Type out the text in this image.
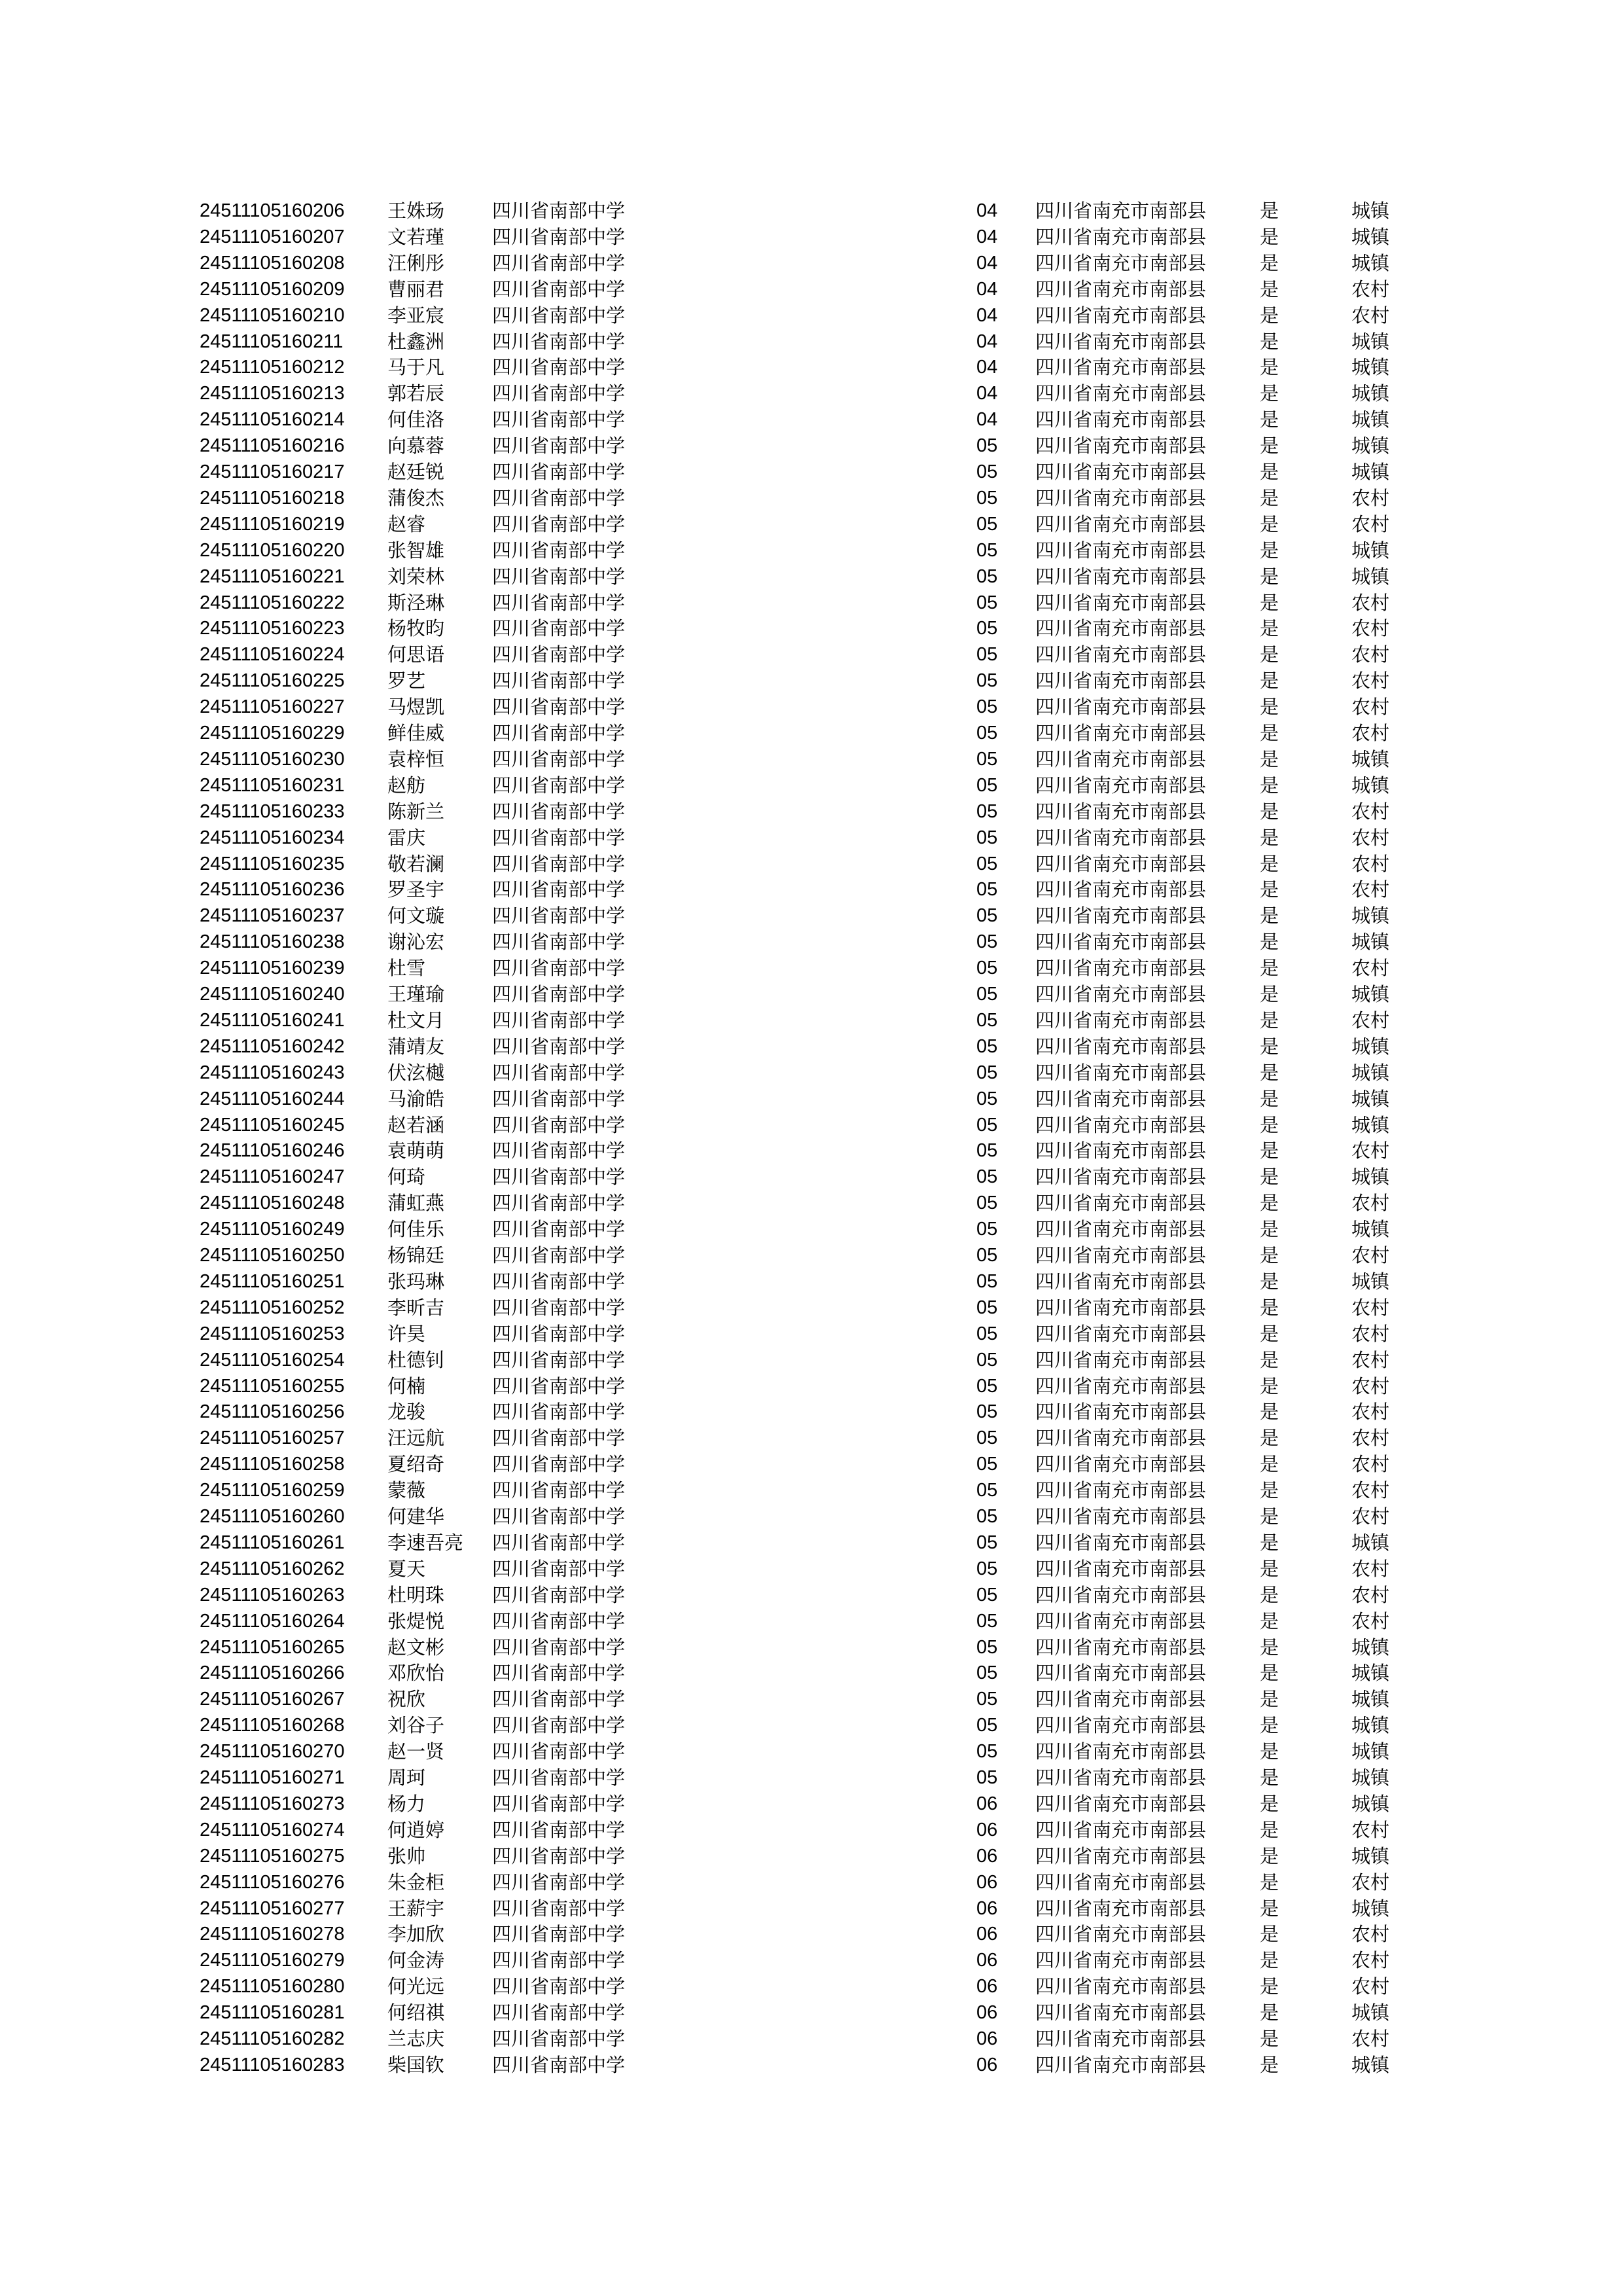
24511105160206 王姝玚	四川省南部中学	04 四川省南充市南部县	是	城镇
24511105160207 文若瑾	四川省南部中学	04 四川省南充市南部县	是	城镇
24511105160208 汪俐彤	四川省南部中学	04 四川省南充市南部县	是	城镇
24511105160209 曹丽君	四川省南部中学	04 四川省南充市南部县	是	农村
24511105160210 李亚宸	四川省南部中学	04 四川省南充市南部县	是	农村
24511105160211 杜鑫洲	四川省南部中学	04 四川省南充市南部县	是	城镇
24511105160212 马于凡	四川省南部中学	04 四川省南充市南部县	是	城镇
24511105160213 郭若辰	四川省南部中学	04 四川省南充市南部县	是	城镇
24511105160214 何佳洛	四川省南部中学	04 四川省南充市南部县	是	城镇
24511105160216 向慕蓉	四川省南部中学	05 四川省南充市南部县	是	城镇
24511105160217 赵廷锐	四川省南部中学	05 四川省南充市南部县	是	城镇
24511105160218 蒲俊杰	四川省南部中学	05 四川省南充市南部县	是	农村
24511105160219 赵睿	四川省南部中学	05 四川省南充市南部县	是	农村
24511105160220 张智雄	四川省南部中学	05 四川省南充市南部县	是	城镇
24511105160221 刘荣林	四川省南部中学	05 四川省南充市南部县	是	城镇
24511105160222 斯泾琳	四川省南部中学	05 四川省南充市南部县	是	农村
24511105160223 杨牧昀	四川省南部中学	05 四川省南充市南部县	是	农村
24511105160224 何思语	四川省南部中学	05 四川省南充市南部县	是	农村
24511105160225 罗艺	四川省南部中学	05 四川省南充市南部县	是	农村
24511105160227 马煜凯	四川省南部中学	05 四川省南充市南部县	是	农村
24511105160229 鲜佳威	四川省南部中学	05 四川省南充市南部县	是	农村
24511105160230 袁梓恒	四川省南部中学	05 四川省南充市南部县	是	城镇
24511105160231 赵舫	四川省南部中学	05 四川省南充市南部县	是	城镇
24511105160233 陈新兰	四川省南部中学	05 四川省南充市南部县	是	农村
24511105160234 雷庆	四川省南部中学	05 四川省南充市南部县	是	农村
24511105160235 敬若澜	四川省南部中学	05 四川省南充市南部县	是	农村
24511105160236 罗圣宇	四川省南部中学	05 四川省南充市南部县	是	农村
24511105160237 何文璇	四川省南部中学	05 四川省南充市南部县	是	城镇
24511105160238 谢沁宏	四川省南部中学	05 四川省南充市南部县	是	城镇
24511105160239 杜雪	四川省南部中学	05 四川省南充市南部县	是	农村
24511105160240 王瑾瑜	四川省南部中学	05 四川省南充市南部县	是	城镇
24511105160241 杜文月	四川省南部中学	05 四川省南充市南部县	是	农村
24511105160242 蒲靖友	四川省南部中学	05 四川省南充市南部县	是	城镇
24511105160243 伏泫樾	四川省南部中学	05 四川省南充市南部县	是	城镇
24511105160244 马渝皓	四川省南部中学	05 四川省南充市南部县	是	城镇
24511105160245 赵若涵	四川省南部中学	05 四川省南充市南部县	是	城镇
24511105160246 袁萌萌	四川省南部中学	05 四川省南充市南部县	是	农村
24511105160247 何琦	四川省南部中学	05 四川省南充市南部县	是	城镇
24511105160248 蒲虹燕	四川省南部中学	05 四川省南充市南部县	是	农村
24511105160249 何佳乐	四川省南部中学	05 四川省南充市南部县	是	城镇
24511105160250 杨锦廷	四川省南部中学	05 四川省南充市南部县	是	农村
24511105160251 张玛琳	四川省南部中学	05 四川省南充市南部县	是	城镇
24511105160252 李昕吉	四川省南部中学	05 四川省南充市南部县	是	农村
24511105160253 许昊	四川省南部中学	05 四川省南充市南部县	是	农村
24511105160254 杜德钊	四川省南部中学	05 四川省南充市南部县	是	农村
24511105160255 何楠	四川省南部中学	05 四川省南充市南部县	是	农村
24511105160256 龙骏	四川省南部中学	05 四川省南充市南部县	是	农村
24511105160257 汪远航	四川省南部中学	05 四川省南充市南部县	是	农村
24511105160258 夏绍奇	四川省南部中学	05 四川省南充市南部县	是	农村
24511105160259 蒙薇	四川省南部中学	05 四川省南充市南部县	是	农村
24511105160260 何建华	四川省南部中学	05 四川省南充市南部县	是	农村
24511105160261 李速吾亮 四川省南部中学	05 四川省南充市南部县	是	城镇
24511105160262 夏天	四川省南部中学	05 四川省南充市南部县	是	农村
24511105160263 杜明珠	四川省南部中学	05 四川省南充市南部县	是	农村
24511105160264 张煶悦	四川省南部中学	05 四川省南充市南部县	是	农村
24511105160265 赵文彬	四川省南部中学	05 四川省南充市南部县	是	城镇
24511105160266 邓欣怡	四川省南部中学	05 四川省南充市南部县	是	城镇
24511105160267 祝欣	四川省南部中学	05 四川省南充市南部县	是	城镇
24511105160268 刘谷子	四川省南部中学	05 四川省南充市南部县	是	城镇
24511105160270 赵一贤	四川省南部中学	05 四川省南充市南部县	是	城镇
24511105160271 周珂	四川省南部中学	05 四川省南充市南部县	是	城镇
24511105160273 杨力	四川省南部中学	06 四川省南充市南部县	是	城镇
24511105160274 何逍婷	四川省南部中学	06 四川省南充市南部县	是	农村
24511105160275 张帅	四川省南部中学	06 四川省南充市南部县	是	城镇
24511105160276 朱金柜	四川省南部中学	06 四川省南充市南部县	是	农村
24511105160277 王薪宇	四川省南部中学	06 四川省南充市南部县	是	城镇
24511105160278 李加欣	四川省南部中学	06 四川省南充市南部县	是	农村
24511105160279 何金涛	四川省南部中学	06 四川省南充市南部县	是	农村
24511105160280 何光远	四川省南部中学	06 四川省南充市南部县	是	农村
24511105160281 何绍祺	四川省南部中学	06 四川省南充市南部县	是	城镇
24511105160282 兰志庆	四川省南部中学	06 四川省南充市南部县	是	农村
24511105160283 柴国钦	四川省南部中学	06 四川省南充市南部县	是	城镇
